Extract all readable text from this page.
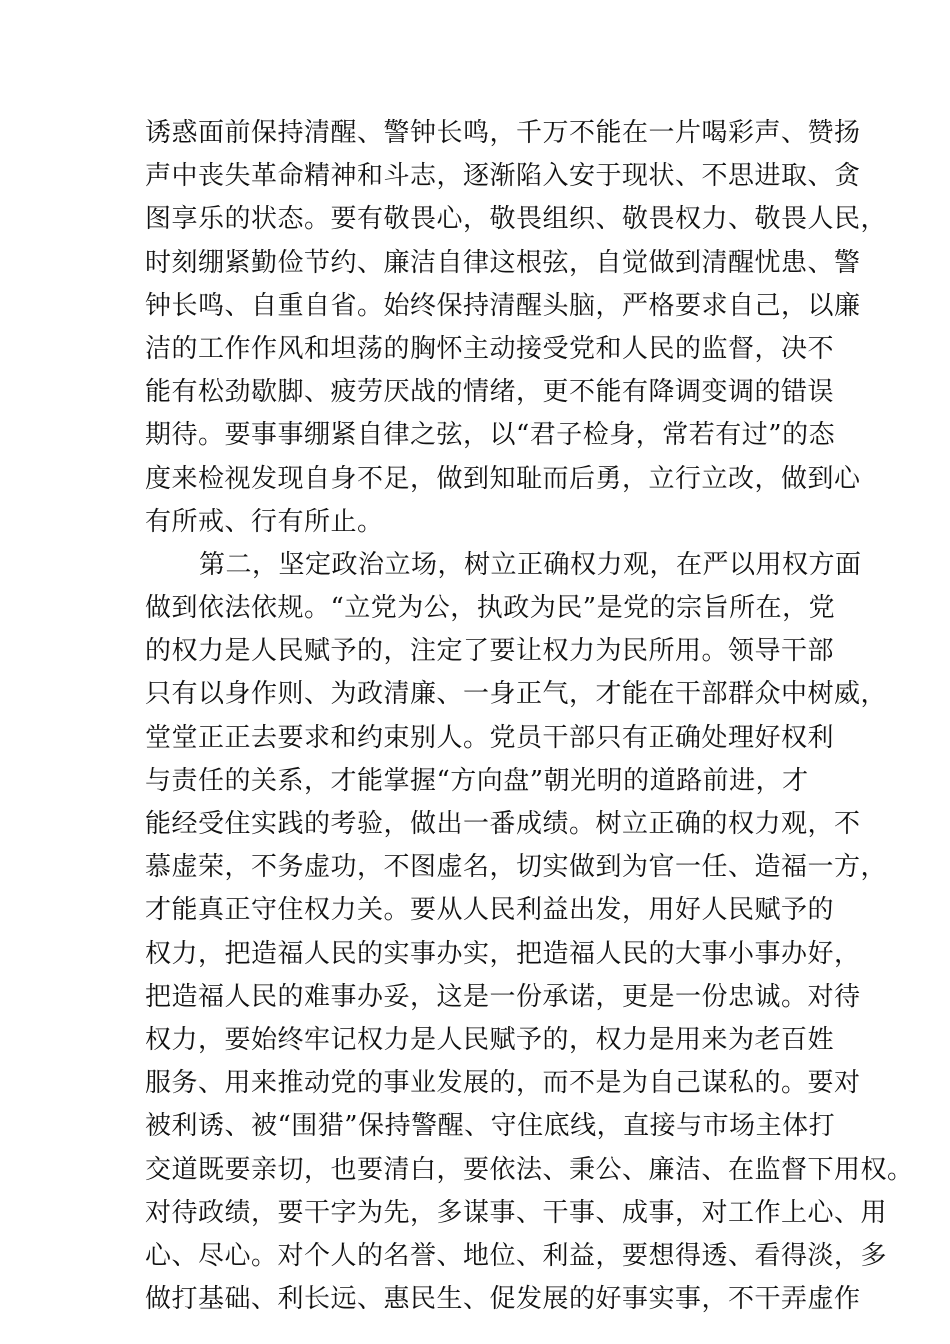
诱惑面前保持清醒、警钟长鸣，千万不能在一片喝彩声、赞扬
声中丧失革命精神和斗志，逐渐陷入安于现状、不思进取、贪
图享乐的状态。要有敬畏心，敬畏组织、敬畏权力、敬畏人民，
时刻绷紧勤俭节约、廉洁自律这根弦，自觉做到清醒忧患、警
钟长鸣、自重自省。始终保持清醒头脑，严格要求自己，以廉
洁的工作作风和坦荡的胸怀主动接受党和人民的监督，决不
能有松劲歇脚、疲劳厌战的情绪，更不能有降调变调的错误
期待。要事事绷紧自律之弦，以“君子检身，常若有过”的态
度来检视发现自身不足，做到知耻而后勇，立行立改，做到心
有所戒、行有所止。
第二，坚定政治立场，树立正确权力观，在严以用权方面
做到依法依规。“立党为公，执政为民”是党的宗旨所在，党
的权力是人民赋予的，注定了要让权力为民所用。领导干部
只有以身作则、为政清廉、一身正气，才能在干部群众中树威，
堂堂正正去要求和约束别人。党员干部只有正确处理好权利
与责任的关系，才能掌握“方向盘”朝光明的道路前进，才
能经受住实践的考验，做出一番成绩。树立正确的权力观，不
慕虚荣，不务虚功，不图虚名，切实做到为官一任、造福一方，
才能真正守住权力关。要从人民利益出发，用好人民赋予的
权力，把造福人民的实事办实，把造福人民的大事小事办好，
把造福人民的难事办妥，这是一份承诺，更是一份忠诚。对待
权力，要始终牢记权力是人民赋予的，权力是用来为老百姓
服务、用来推动党的事业发展的，而不是为自己谋私的。要对
被利诱、被“围猎”保持警醒、守住底线，直接与市场主体打
交道既要亲切，也要清白，要依法、秉公、廉洁、在监督下用权。
对待政绩，要干字为先，多谋事、干事、成事，对工作上心、用
心、尽心。对个人的名誉、地位、利益，要想得透、看得淡，多
做打基础、利长远、惠民生、促发展的好事实事，不干弄虚作
